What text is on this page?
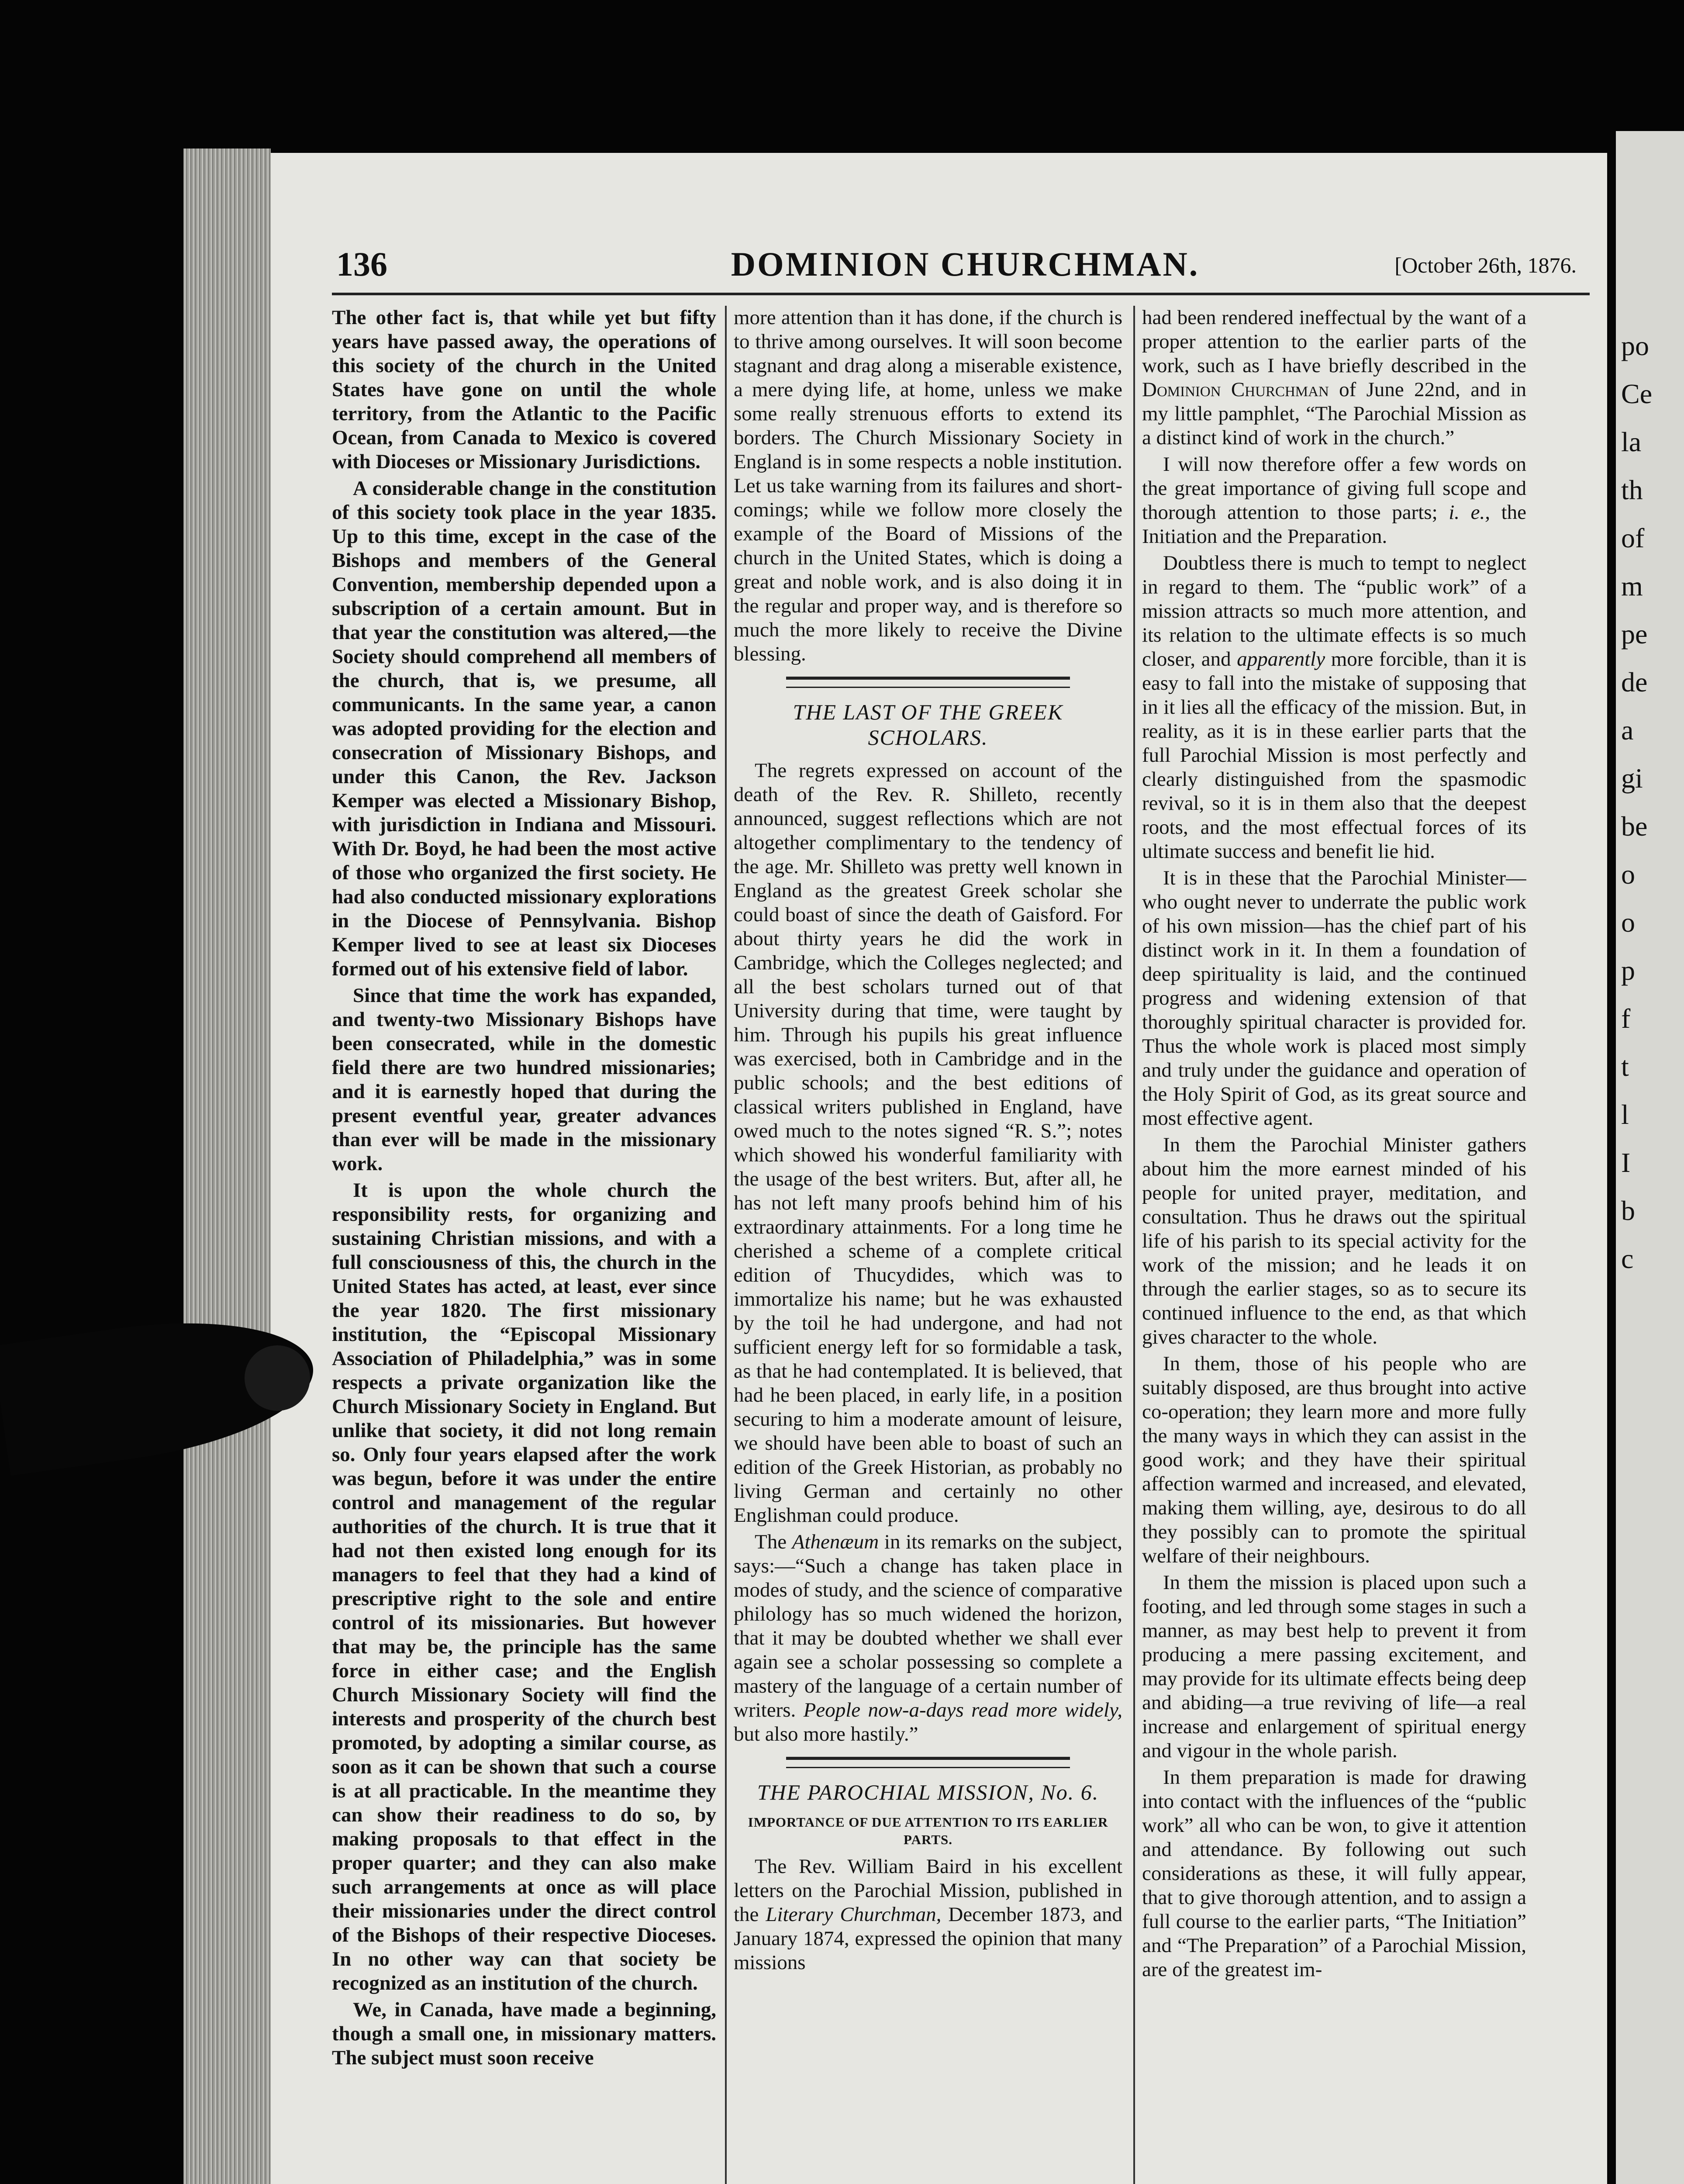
po
Ce
la
th
of
m
pe
de
a
gi
be
o
o
p
f
t
l
I
b
c
136	DOMINION CHURCHMAN.	[October 26th, 1876.

The other fact is, that while yet but fifty years have passed away, the operations of this society of the church in the United States have gone on until the whole territory, from the Atlantic to the Pacific Ocean, from Canada to Mexico is covered with Dioceses or Missionary Jurisdictions.

A considerable change in the constitution of this society took place in the year 1835. Up to this time, except in the case of the Bishops and members of the General Convention, membership depended upon a subscription of a certain amount. But in that year the constitution was altered,—the Society should comprehend all members of the church, that is, we presume, all communicants. In the same year, a canon was adopted providing for the election and consecration of Missionary Bishops, and under this Canon, the Rev. Jackson Kemper was elected a Missionary Bishop, with jurisdiction in Indiana and Missouri. With Dr. Boyd, he had been the most active of those who organized the first society. He had also conducted missionary explorations in the Diocese of Pennsylvania. Bishop Kemper lived to see at least six Dioceses formed out of his extensive field of labor.

Since that time the work has expanded, and twenty-two Missionary Bishops have been consecrated, while in the domestic field there are two hundred missionaries; and it is earnestly hoped that during the present eventful year, greater advances than ever will be made in the missionary work.

It is upon the whole church the responsibility rests, for organizing and sustaining Christian missions, and with a full consciousness of this, the church in the United States has acted, at least, ever since the year 1820. The first missionary institution, the “Episcopal Missionary Association of Philadelphia,” was in some respects a private organization like the Church Missionary Society in England. But unlike that society, it did not long remain so. Only four years elapsed after the work was begun, before it was under the entire control and management of the regular authorities of the church. It is true that it had not then existed long enough for its managers to feel that they had a kind of prescriptive right to the sole and entire control of its missionaries. But however that may be, the principle has the same force in either case; and the English Church Missionary Society will find the interests and prosperity of the church best promoted, by adopting a similar course, as soon as it can be shown that such a course is at all practicable. In the meantime they can show their readiness to do so, by making proposals to that effect in the proper quarter; and they can also make such arrangements at once as will place their missionaries under the direct control of the Bishops of their respective Dioceses. In no other way can that society be recognized as an institution of the church.

We, in Canada, have made a beginning, though a small one, in missionary matters. The subject must soon receive

more attention than it has done, if the church is to thrive among ourselves. It will soon become stagnant and drag along a miserable existence, a mere dying life, at home, unless we make some really strenuous efforts to extend its borders. The Church Missionary Society in England is in some respects a noble institution. Let us take warning from its failures and short-comings; while we follow more closely the example of the Board of Missions of the church in the United States, which is doing a great and noble work, and is also doing it in the regular and proper way, and is therefore so much the more likely to receive the Divine blessing.

THE LAST OF THE GREEK SCHOLARS.

The regrets expressed on account of the death of the Rev. R. Shilleto, recently announced, suggest reflections which are not altogether complimentary to the tendency of the age. Mr. Shilleto was pretty well known in England as the greatest Greek scholar she could boast of since the death of Gaisford. For about thirty years he did the work in Cambridge, which the Colleges neglected; and all the best scholars turned out of that University during that time, were taught by him. Through his pupils his great influence was exercised, both in Cambridge and in the public schools; and the best editions of classical writers published in England, have owed much to the notes signed “R. S.”; notes which showed his wonderful familiarity with the usage of the best writers. But, after all, he has not left many proofs behind him of his extraordinary attainments. For a long time he cherished a scheme of a complete critical edition of Thucydides, which was to immortalize his name; but he was exhausted by the toil he had undergone, and had not sufficient energy left for so formidable a task, as that he had contemplated. It is believed, that had he been placed, in early life, in a position securing to him a moderate amount of leisure, we should have been able to boast of such an edition of the Greek Historian, as probably no living German and certainly no other Englishman could produce.

The Athenæum in its remarks on the subject, says:—“Such a change has taken place in modes of study, and the science of comparative philology has so much widened the horizon, that it may be doubted whether we shall ever again see a scholar possessing so complete a mastery of the language of a certain number of writers. People now-a-days read more widely, but also more hastily.”

THE PAROCHIAL MISSION, No. 6.
IMPORTANCE OF DUE ATTENTION TO ITS EARLIER PARTS.

The Rev. William Baird in his excellent letters on the Parochial Mission, published in the Literary Churchman, December 1873, and January 1874, expressed the opinion that many missions

had been rendered ineffectual by the want of a proper attention to the earlier parts of the work, such as I have briefly described in the Dominion Churchman of June 22nd, and in my little pamphlet, “The Parochial Mission as a distinct kind of work in the church.”

I will now therefore offer a few words on the great importance of giving full scope and thorough attention to those parts; i. e., the Initiation and the Preparation.

Doubtless there is much to tempt to neglect in regard to them. The “public work” of a mission attracts so much more attention, and its relation to the ultimate effects is so much closer, and apparently more forcible, than it is easy to fall into the mistake of supposing that in it lies all the efficacy of the mission. But, in reality, as it is in these earlier parts that the full Parochial Mission is most perfectly and clearly distinguished from the spasmodic revival, so it is in them also that the deepest roots, and the most effectual forces of its ultimate success and benefit lie hid.

It is in these that the Parochial Minister—who ought never to underrate the public work of his own mission—has the chief part of his distinct work in it. In them a foundation of deep spirituality is laid, and the continued progress and widening extension of that thoroughly spiritual character is provided for. Thus the whole work is placed most simply and truly under the guidance and operation of the Holy Spirit of God, as its great source and most effective agent.

In them the Parochial Minister gathers about him the more earnest minded of his people for united prayer, meditation, and consultation. Thus he draws out the spiritual life of his parish to its special activity for the work of the mission; and he leads it on through the earlier stages, so as to secure its continued influence to the end, as that which gives character to the whole.

In them, those of his people who are suitably disposed, are thus brought into active co-operation; they learn more and more fully the many ways in which they can assist in the good work; and they have their spiritual affection warmed and increased, and elevated, making them willing, aye, desirous to do all they possibly can to promote the spiritual welfare of their neighbours.

In them the mission is placed upon such a footing, and led through some stages in such a manner, as may best help to prevent it from producing a mere passing excitement, and may provide for its ultimate effects being deep and abiding—a true reviving of life—a real increase and enlargement of spiritual energy and vigour in the whole parish.

In them preparation is made for drawing into contact with the influences of the “public work” all who can be won, to give it attention and attendance. By following out such considerations as these, it will fully appear, that to give thorough attention, and to assign a full course to the earlier parts, “The Initiation” and “The Preparation” of a Parochial Mission, are of the greatest im-
